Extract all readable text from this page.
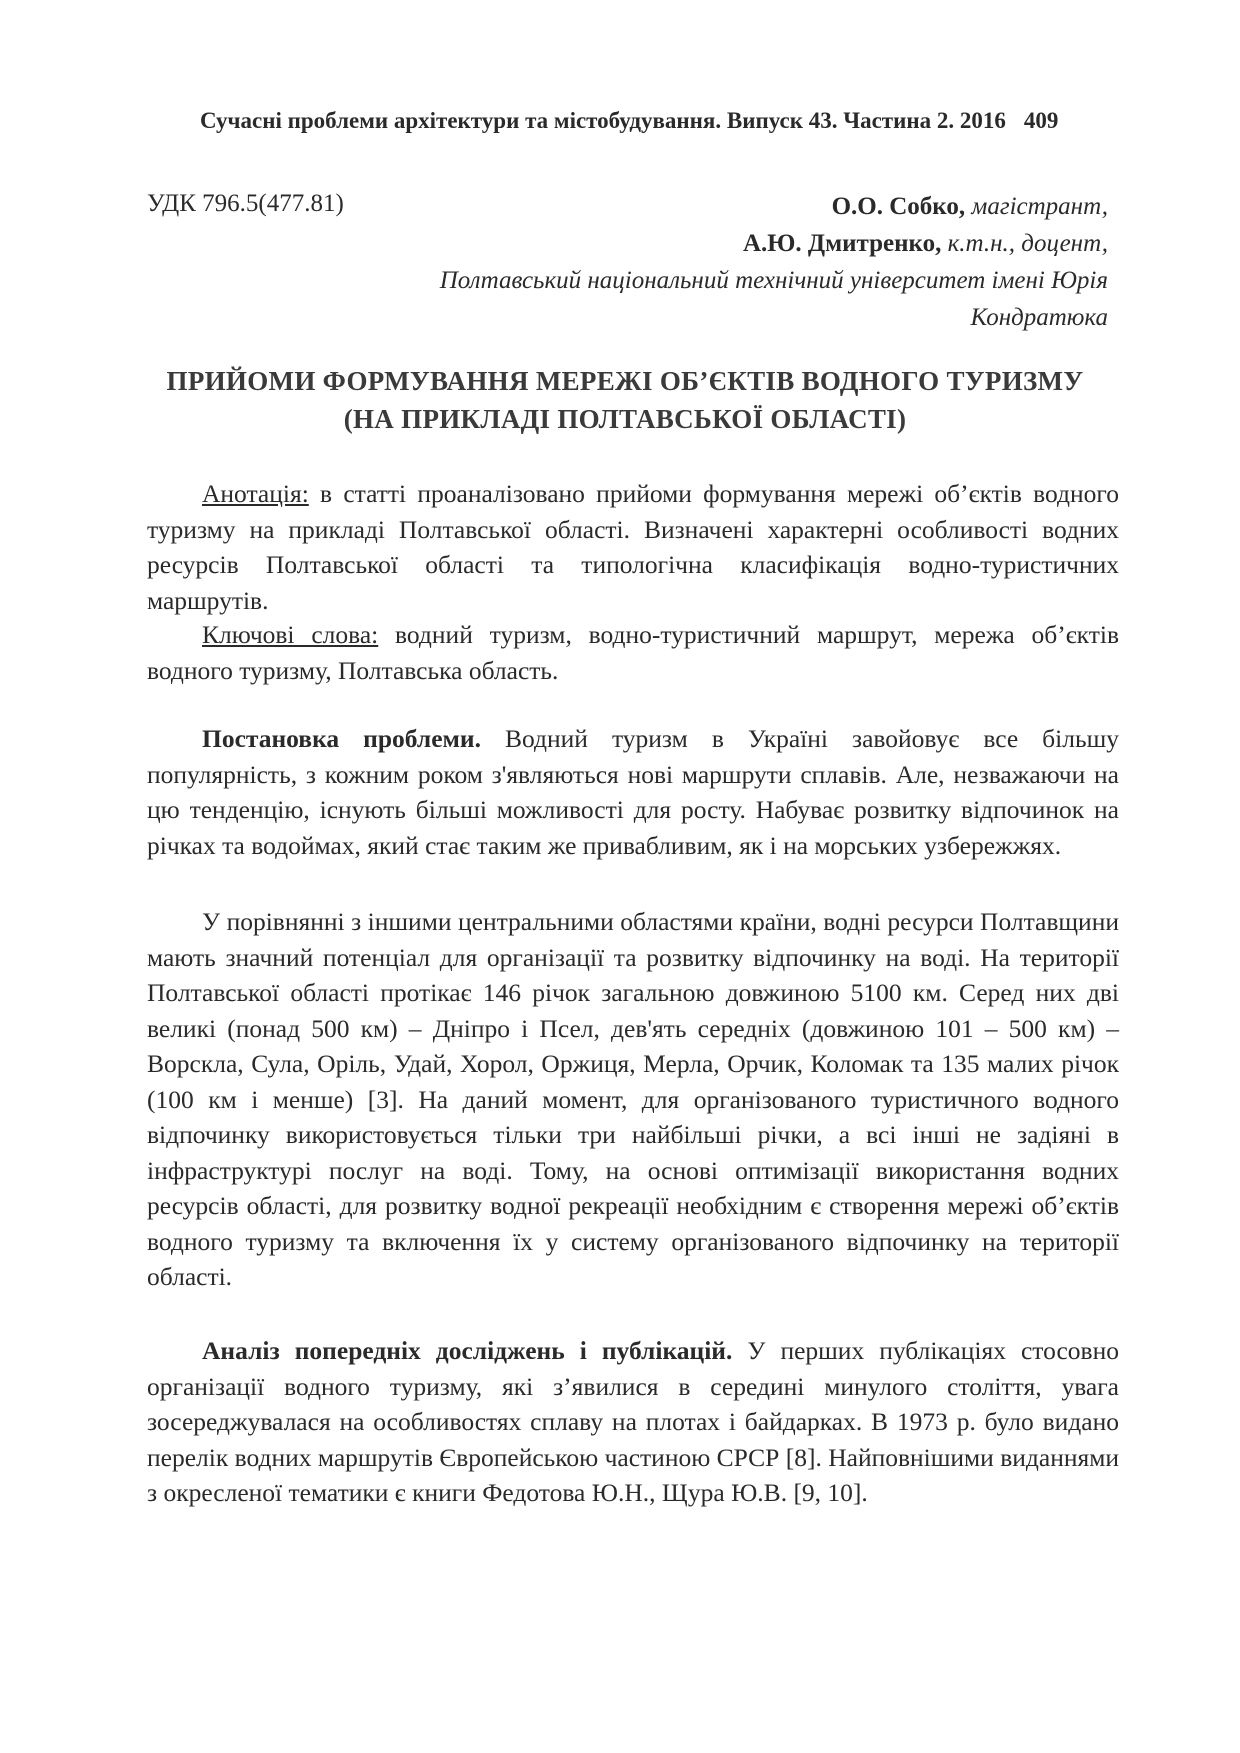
Сучасні проблеми архітектури та містобудування. Випуск 43. Частина 2. 2016 409
УДК 796.5(477.81)	О.О. Собко, магістрант,
А.Ю. Дмитренко, к.т.н., доцент,
Полтавський національний технічний університет імені Юрія
Кондратюка
ПРИЙОМИ ФОРМУВАННЯ МЕРЕЖІ ОБ’ЄКТІВ ВОДНОГО ТУРИЗМУ
(НА ПРИКЛАДІ ПОЛТАВСЬКОЇ ОБЛАСТІ)

Анотація: в статті проаналізовано прийоми формування мережі об’єктів водного туризму на прикладі Полтавської області. Визначені характерні особливості водних ресурсів Полтавської області та типологічна класифікація водно-туристичних маршрутів.

Ключові слова: водний туризм, водно-туристичний маршрут, мережа об’єктів водного туризму, Полтавська область.

Постановка проблеми. Водний туризм в Україні завойовує все більшу популярність, з кожним роком з'являються нові маршрути сплавів. Але, незважаючи на цю тенденцію, існують більші можливості для росту. Набуває розвитку відпочинок на річках та водоймах, який стає таким же привабливим, як і на морських узбережжях.

У порівнянні з іншими центральними областями країни, водні ресурси Полтавщини мають значний потенціал для організації та розвитку відпочинку на воді. На території Полтавської області протікає 146 річок загальною довжиною 5100 км. Серед них дві великі (понад 500 км) – Дніпро і Псел, дев'ять середніх (довжиною 101 – 500 км) – Ворскла, Сула, Оріль, Удай, Хорол, Оржиця, Мерла, Орчик, Коломак та 135 малих річок (100 км і менше) [3]. На даний момент, для організованого туристичного водного відпочинку використовується тільки три найбільші річки, а всі інші не задіяні в інфраструктурі послуг на воді. Тому, на основі оптимізації використання водних ресурсів області, для розвитку водної рекреації необхідним є створення мережі об’єктів водного туризму та включення їх у систему організованого відпочинку на території області.

Аналіз попередніх досліджень і публікацій. У перших публікаціях стосовно організації водного туризму, які з’явилися в середині минулого століття, увага зосереджувалася на особливостях сплаву на плотах і байдарках. В 1973 р. було видано перелік водних маршрутів Європейською частиною СРСР [8]. Найповнішими виданнями з окресленої тематики є книги Федотова Ю.Н., Щура Ю.В. [9, 10].
